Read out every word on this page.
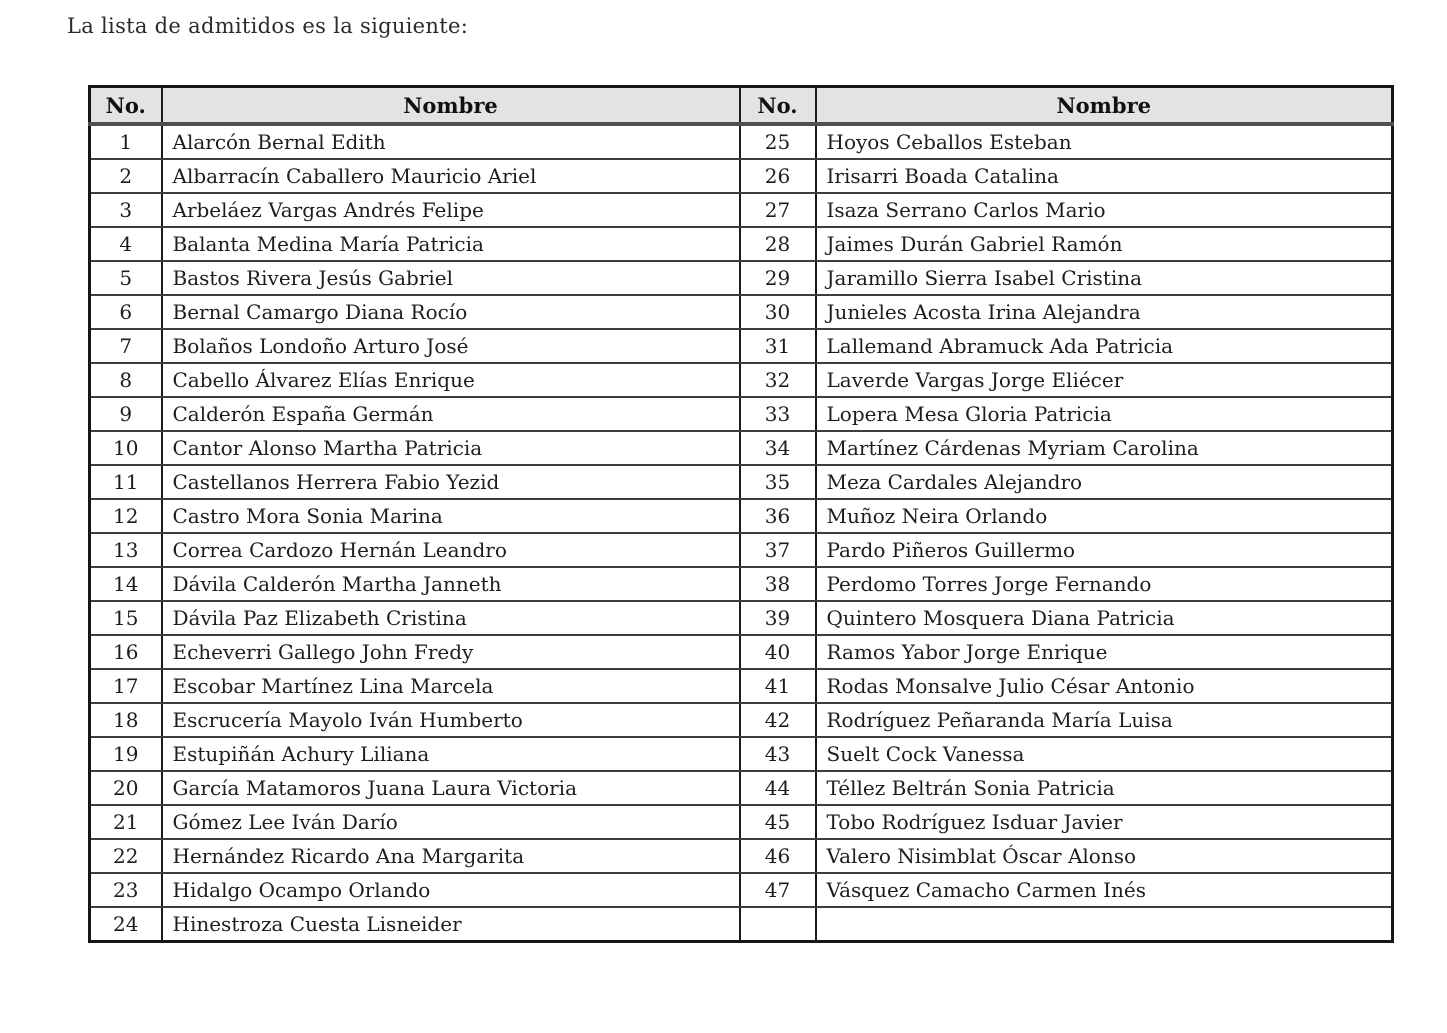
La lista de admitidos es la siguiente:
No.	Nombre	No.	Nombre
1	Alarcón Bernal Edith	25	Hoyos Ceballos Esteban
2	Albarracín Caballero Mauricio Ariel	26	Irisarri Boada Catalina
3	Arbeláez Vargas Andrés Felipe	27	Isaza Serrano Carlos Mario
4	Balanta Medina María Patricia	28	Jaimes Durán Gabriel Ramón
5	Bastos Rivera Jesús Gabriel	29	Jaramillo Sierra Isabel Cristina
6	Bernal Camargo Diana Rocío	30	Junieles Acosta Irina Alejandra
7	Bolaños Londoño Arturo José	31	Lallemand Abramuck Ada Patricia
8	Cabello Álvarez Elías Enrique	32	Laverde Vargas Jorge Eliécer
9	Calderón España Germán	33	Lopera Mesa Gloria Patricia
10	Cantor Alonso Martha Patricia	34	Martínez Cárdenas Myriam Carolina
11	Castellanos Herrera Fabio Yezid	35	Meza Cardales Alejandro
12	Castro Mora Sonia Marina	36	Muñoz Neira Orlando
13	Correa Cardozo Hernán Leandro	37	Pardo Piñeros Guillermo
14	Dávila Calderón Martha Janneth	38	Perdomo Torres Jorge Fernando
15	Dávila Paz Elizabeth Cristina	39	Quintero Mosquera Diana Patricia
16	Echeverri Gallego John Fredy	40	Ramos Yabor Jorge Enrique
17	Escobar Martínez Lina Marcela	41	Rodas Monsalve Julio César Antonio
18	Escrucería Mayolo Iván Humberto	42	Rodríguez Peñaranda María Luisa
19	Estupiñán Achury Liliana	43	Suelt Cock Vanessa
20	García Matamoros Juana Laura Victoria	44	Téllez Beltrán Sonia Patricia
21	Gómez Lee Iván Darío	45	Tobo Rodríguez Isduar Javier
22	Hernández Ricardo Ana Margarita	46	Valero Nisimblat Óscar Alonso
23	Hidalgo Ocampo Orlando	47	Vásquez Camacho Carmen Inés
24	Hinestroza Cuesta Lisneider		
